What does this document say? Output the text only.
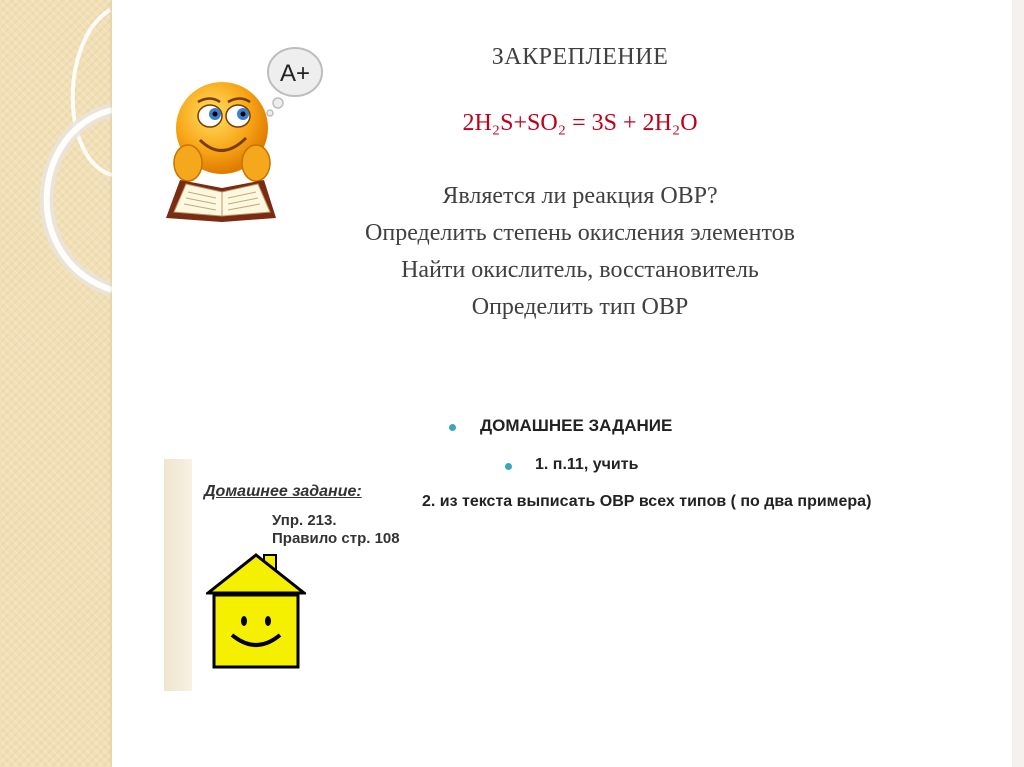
A+
ЗАКРЕПЛЕНИЕ
2H₂S+SO₂ = 3S + 2H₂O
Является ли реакция ОВР?
Определить степень окисления элементов
Найти окислитель, восстановитель
Определить тип ОВР
ДОМАШНЕЕ ЗАДАНИЕ
1. п.11, учить
2. из текста выписать ОВР всех типов ( по два примера)
Домашнее задание:
Упр. 213.
Правило стр. 108
